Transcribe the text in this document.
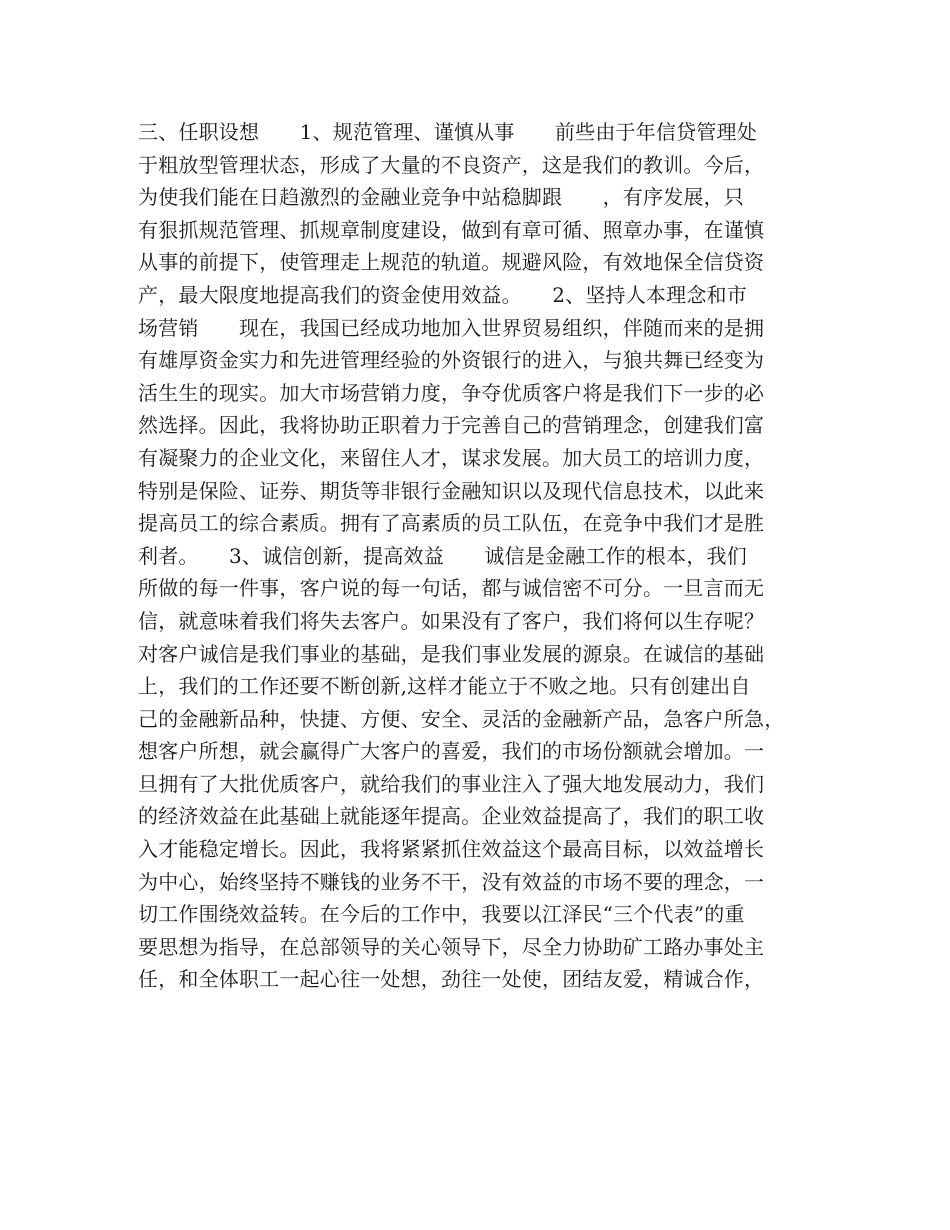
三、任职设想　　1、规范管理、谨慎从事　　前些由于年信贷管理处
于粗放型管理状态，形成了大量的不良资产，这是我们的教训。今后，
为使我们能在日趋激烈的金融业竞争中站稳脚跟　　，有序发展，只
有狠抓规范管理、抓规章制度建设，做到有章可循、照章办事，在谨慎
从事的前提下，使管理走上规范的轨道。规避风险，有效地保全信贷资
产，最大限度地提高我们的资金使用效益。　　2、坚持人本理念和市
场营销　　现在，我国已经成功地加入世界贸易组织，伴随而来的是拥
有雄厚资金实力和先进管理经验的外资银行的进入，与狼共舞已经变为
活生生的现实。加大市场营销力度，争夺优质客户将是我们下一步的必
然选择。因此，我将协助正职着力于完善自己的营销理念，创建我们富
有凝聚力的企业文化，来留住人才，谋求发展。加大员工的培训力度，
特别是保险、证券、期货等非银行金融知识以及现代信息技术，以此来
提高员工的综合素质。拥有了高素质的员工队伍，在竞争中我们才是胜
利者。　　3、诚信创新，提高效益　　诚信是金融工作的根本，我们
所做的每一件事，客户说的每一句话，都与诚信密不可分。一旦言而无
信，就意味着我们将失去客户。如果没有了客户，我们将何以生存呢？
对客户诚信是我们事业的基础，是我们事业发展的源泉。在诚信的基础
上，我们的工作还要不断创新,这样才能立于不败之地。只有创建出自
己的金融新品种，快捷、方便、安全、灵活的金融新产品，急客户所急，
想客户所想，就会赢得广大客户的喜爱，我们的市场份额就会增加。一
旦拥有了大批优质客户，就给我们的事业注入了强大地发展动力，我们
的经济效益在此基础上就能逐年提高。企业效益提高了，我们的职工收
入才能稳定增长。因此，我将紧紧抓住效益这个最高目标，以效益增长
为中心，始终坚持不赚钱的业务不干，没有效益的市场不要的理念，一
切工作围绕效益转。在今后的工作中，我要以江泽民“三个代表”的重
要思想为指导，在总部领导的关心领导下，尽全力协助矿工路办事处主
任，和全体职工一起心往一处想，劲往一处使，团结友爱，精诚合作，
